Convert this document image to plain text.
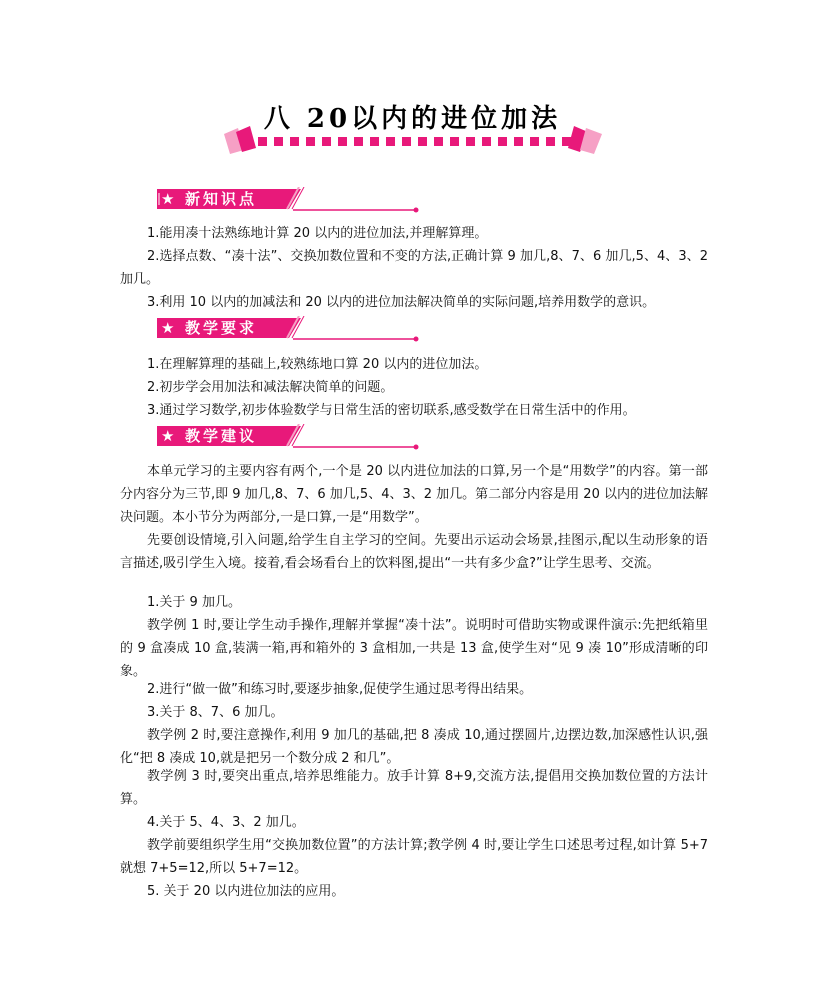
八 20以内的进位加法
★ 新知识点
1.能用凑十法熟练地计算 20 以内的进位加法,并理解算理。
2.选择点数、“凑十法”、交换加数位置和不变的方法,正确计算 9 加几,8、7、6 加几,5、4、3、2 加几。
3.利用 10 以内的加减法和 20 以内的进位加法解决简单的实际问题,培养用数学的意识。
★ 教学要求
1.在理解算理的基础上,较熟练地口算 20 以内的进位加法。
2.初步学会用加法和减法解决简单的问题。
3.通过学习数学,初步体验数学与日常生活的密切联系,感受数学在日常生活中的作用。
★ 教学建议
本单元学习的主要内容有两个,一个是 20 以内进位加法的口算,另一个是“用数学”的内容。第一部分内容分为三节,即 9 加几,8、7、6 加几,5、4、3、2 加几。第二部分内容是用 20 以内的进位加法解决问题。本小节分为两部分,一是口算,一是“用数学”。
先要创设情境,引入问题,给学生自主学习的空间。先要出示运动会场景,挂图示,配以生动形象的语言描述,吸引学生入境。接着,看会场看台上的饮料图,提出“一共有多少盒?”让学生思考、交流。
1.关于 9 加几。
教学例 1 时,要让学生动手操作,理解并掌握“凑十法”。说明时可借助实物或课件演示:先把纸箱里的 9 盒凑成 10 盒,装满一箱,再和箱外的 3 盒相加,一共是 13 盒,使学生对“见 9 凑 10”形成清晰的印象。
2.进行“做一做”和练习时,要逐步抽象,促使学生通过思考得出结果。
3.关于 8、7、6 加几。
教学例 2 时,要注意操作,利用 9 加几的基础,把 8 凑成 10,通过摆圆片,边摆边数,加深感性认识,强化“把 8 凑成 10,就是把另一个数分成 2 和几”。
教学例 3 时,要突出重点,培养思维能力。放手计算 8+9,交流方法,提倡用交换加数位置的方法计算。
4.关于 5、4、3、2 加几。
教学前要组织学生用“交换加数位置”的方法计算;教学例 4 时,要让学生口述思考过程,如计算 5+7 就想 7+5=12,所以 5+7=12。
5. 关于 20 以内进位加法的应用。
